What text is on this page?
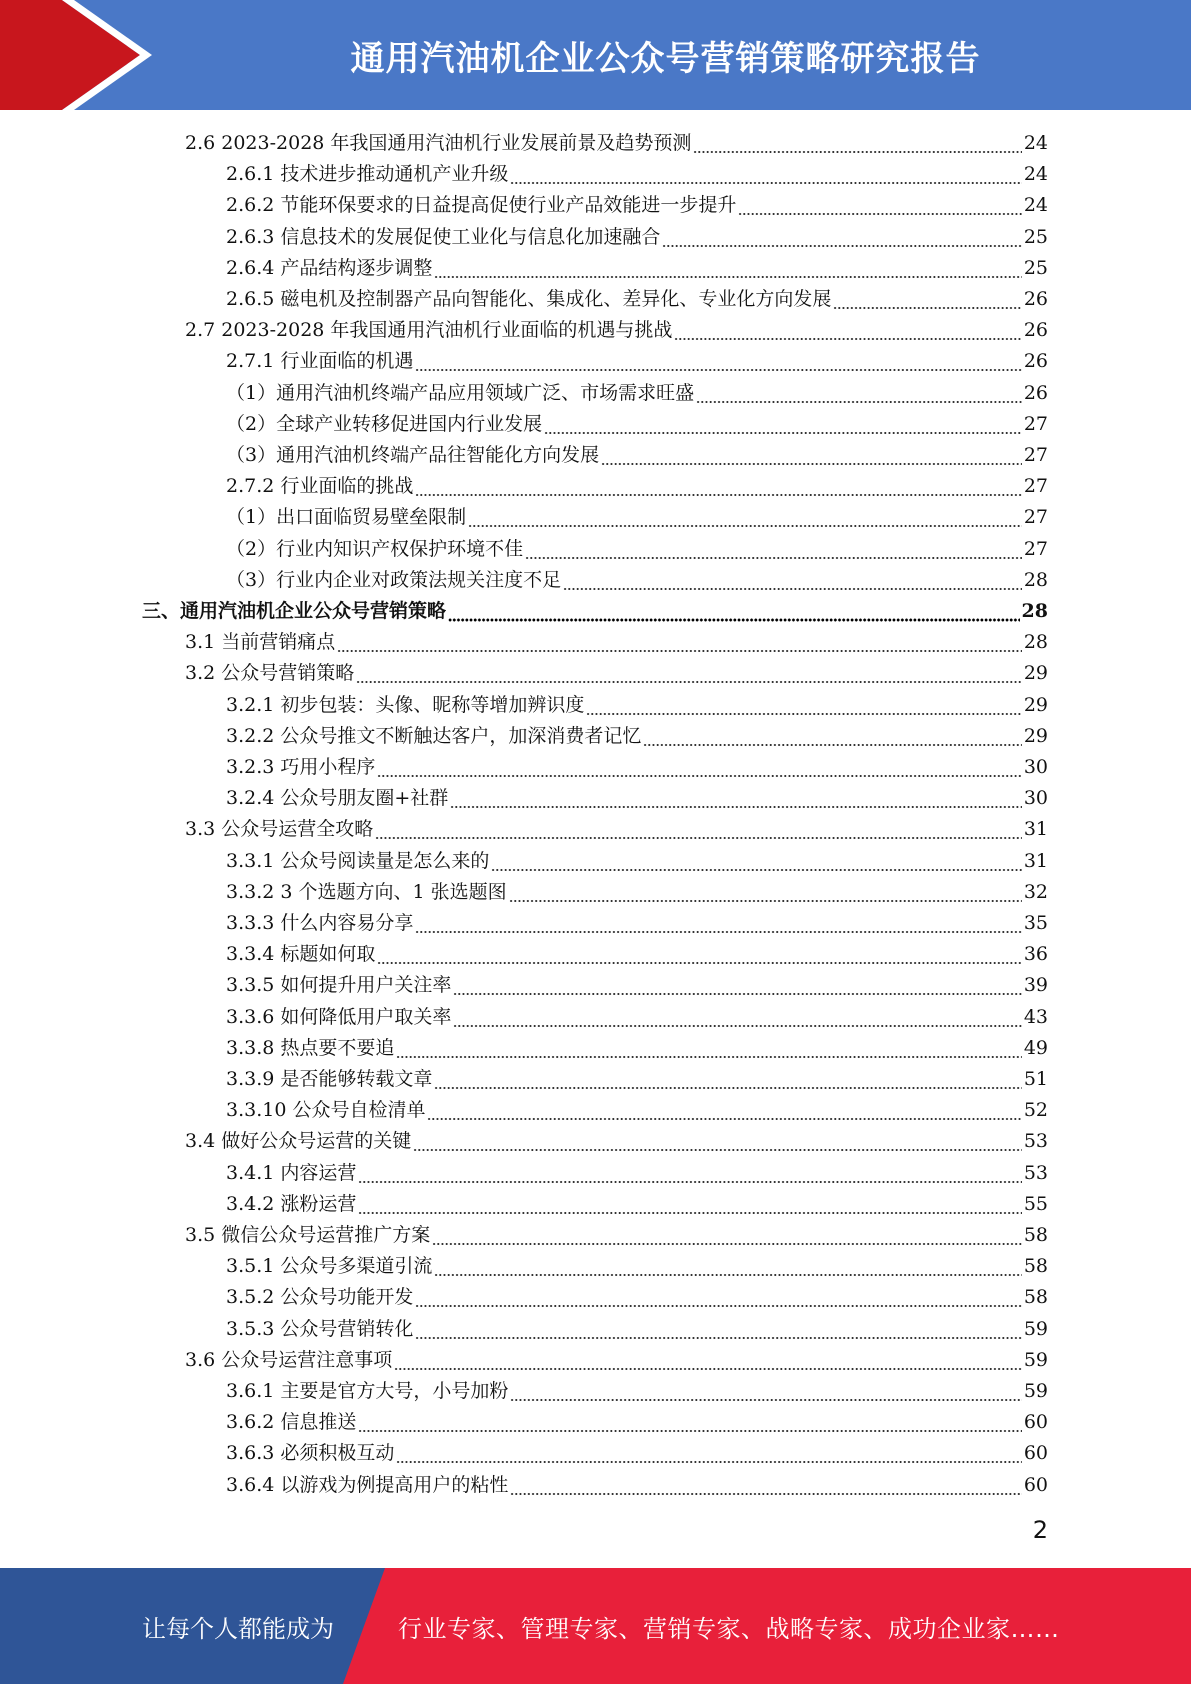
通用汽油机企业公众号营销策略研究报告
2.6 2023-2028 年我国通用汽油机行业发展前景及趋势预测	24
2.6.1 技术进步推动通机产业升级	24
2.6.2 节能环保要求的日益提高促使行业产品效能进一步提升	24
2.6.3 信息技术的发展促使工业化与信息化加速融合	25
2.6.4 产品结构逐步调整	25
2.6.5 磁电机及控制器产品向智能化、集成化、差异化、专业化方向发展	26
2.7 2023-2028 年我国通用汽油机行业面临的机遇与挑战	26
2.7.1 行业面临的机遇	26
（1）通用汽油机终端产品应用领域广泛、市场需求旺盛	26
（2）全球产业转移促进国内行业发展	27
（3）通用汽油机终端产品往智能化方向发展	27
2.7.2 行业面临的挑战	27
（1）出口面临贸易壁垒限制	27
（2）行业内知识产权保护环境不佳	27
（3）行业内企业对政策法规关注度不足	28
三、通用汽油机企业公众号营销策略	28
3.1 当前营销痛点	28
3.2 公众号营销策略	29
3.2.1 初步包装：头像、昵称等增加辨识度	29
3.2.2 公众号推文不断触达客户，加深消费者记忆	29
3.2.3 巧用小程序	30
3.2.4 公众号朋友圈+社群	30
3.3 公众号运营全攻略	31
3.3.1 公众号阅读量是怎么来的	31
3.3.2 3 个选题方向、1 张选题图	32
3.3.3 什么内容易分享	35
3.3.4 标题如何取	36
3.3.5 如何提升用户关注率	39
3.3.6 如何降低用户取关率	43
3.3.8 热点要不要追	49
3.3.9 是否能够转载文章	51
3.3.10 公众号自检清单	52
3.4 做好公众号运营的关键	53
3.4.1 内容运营	53
3.4.2 涨粉运营	55
3.5 微信公众号运营推广方案	58
3.5.1 公众号多渠道引流	58
3.5.2 公众号功能开发	58
3.5.3 公众号营销转化	59
3.6 公众号运营注意事项	59
3.6.1 主要是官方大号，小号加粉	59
3.6.2 信息推送	60
3.6.3 必须积极互动	60
3.6.4 以游戏为例提高用户的粘性	60
2
让每个人都能成为	行业专家、管理专家、营销专家、战略专家、成功企业家……
